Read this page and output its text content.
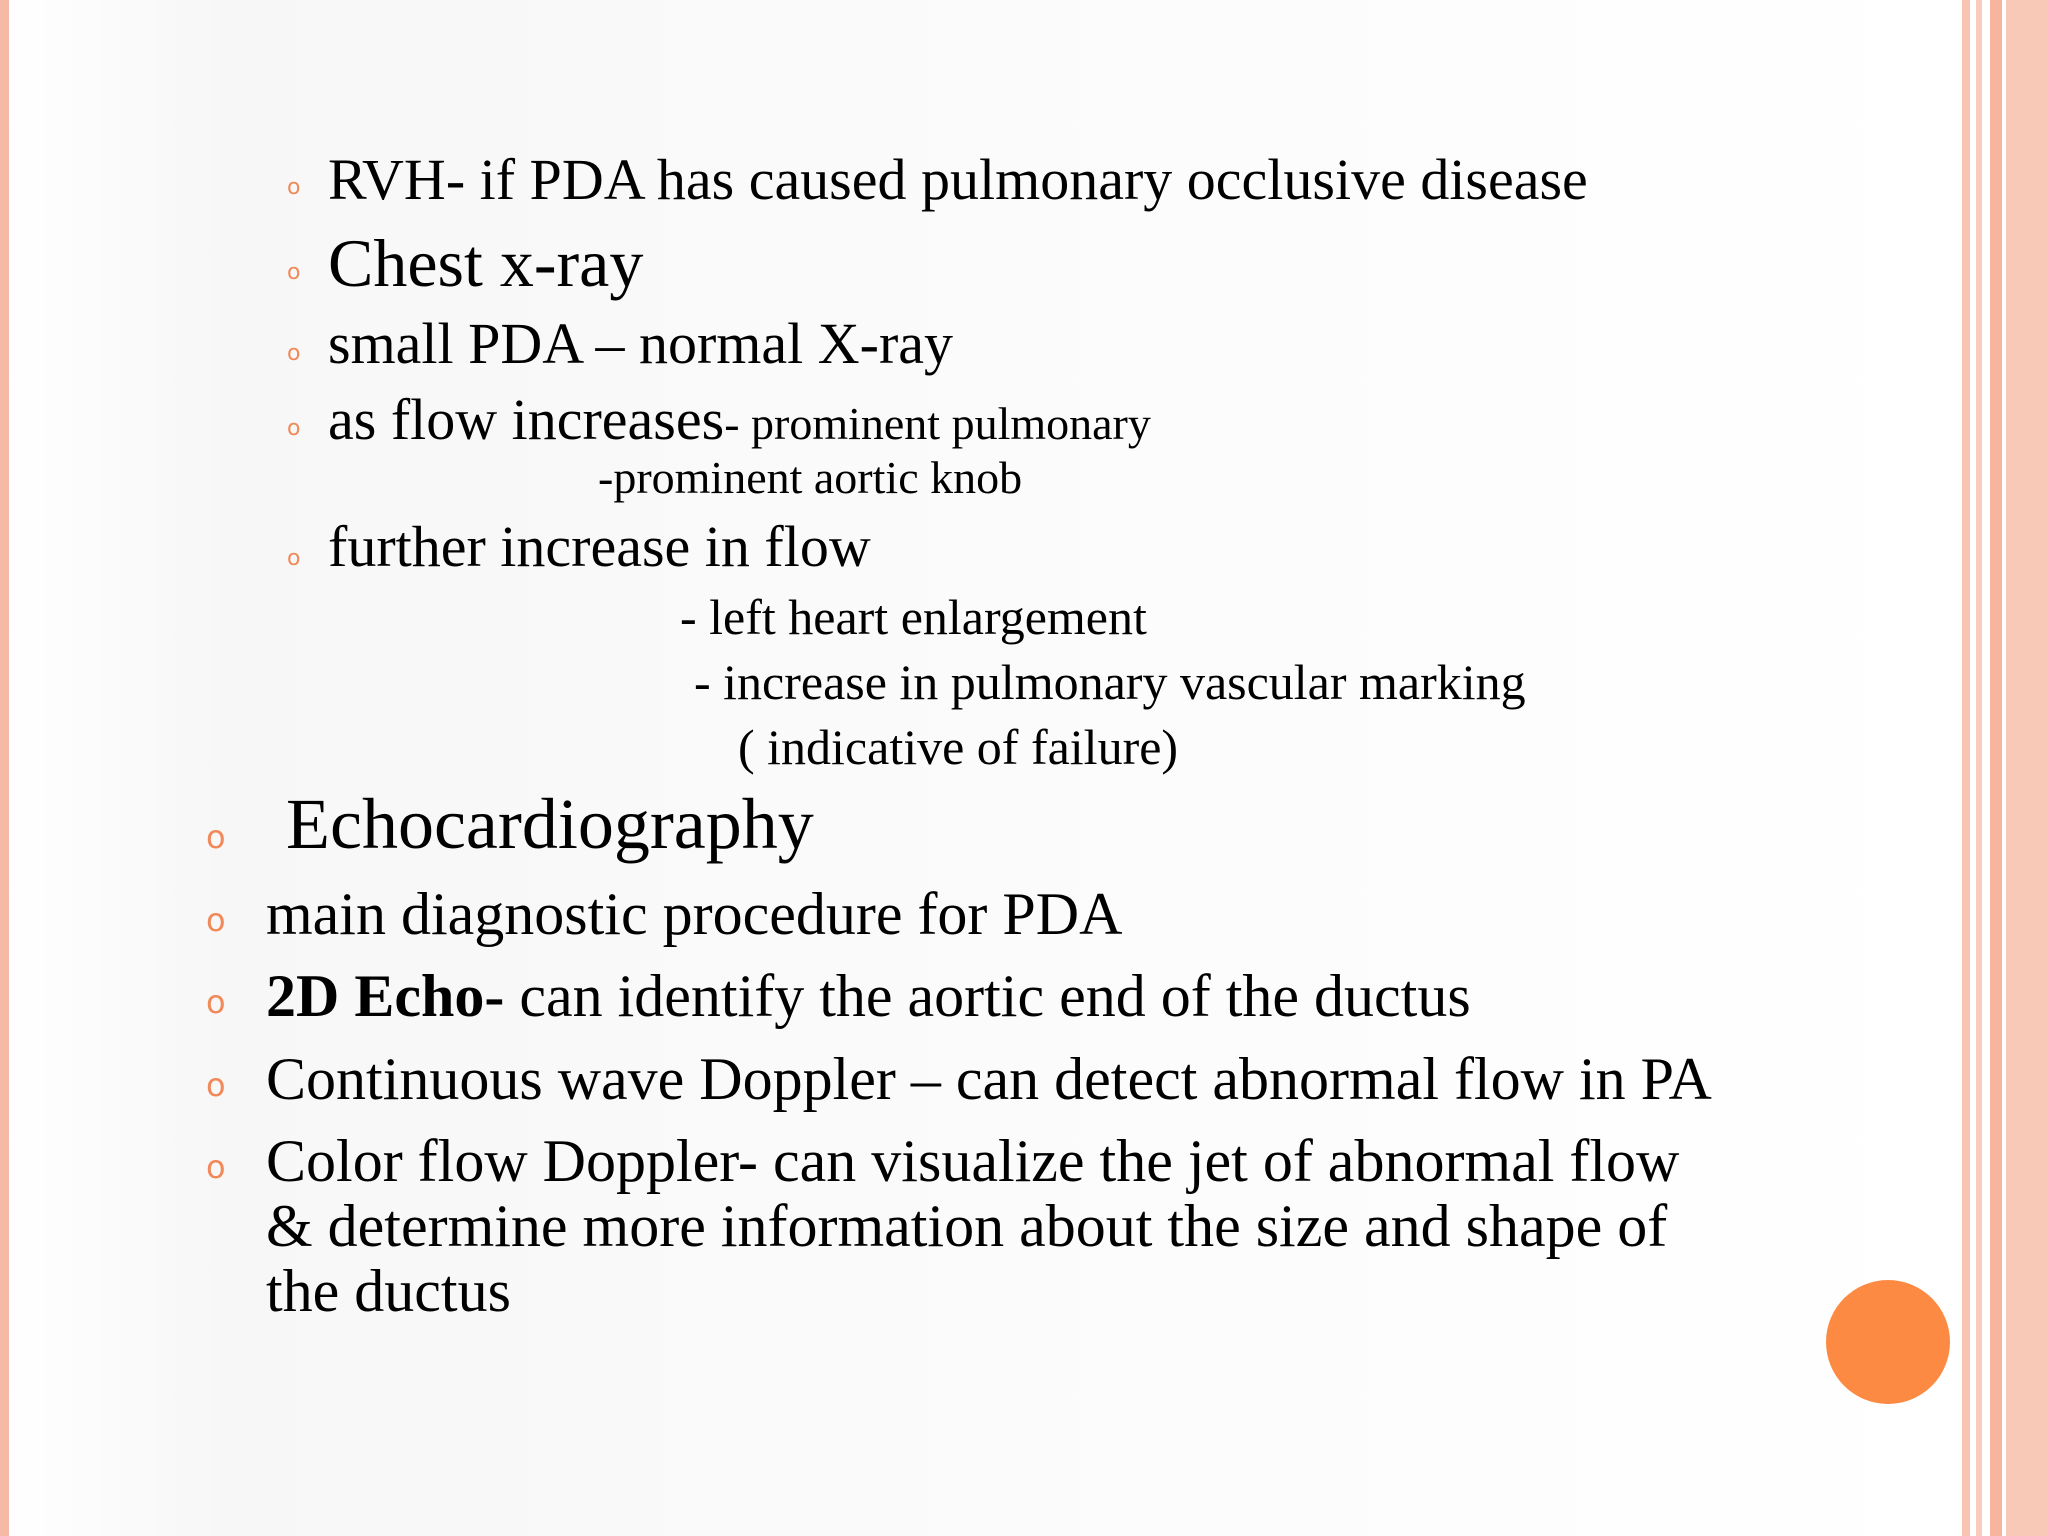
o RVH- if PDA has caused pulmonary occlusive disease
o Chest x-ray
o small PDA – normal X-ray
o as flow increases- prominent pulmonary
-prominent aortic knob
o further increase in flow
- left heart enlargement
- increase in pulmonary vascular marking
( indicative of failure)
o Echocardiography
o main diagnostic procedure for PDA
o 2D Echo- can identify the aortic end of the ductus
o Continuous wave Doppler – can detect abnormal flow in PA
o Color flow Doppler- can visualize the jet of abnormal flow
& determine more information about the size and shape of
the ductus
